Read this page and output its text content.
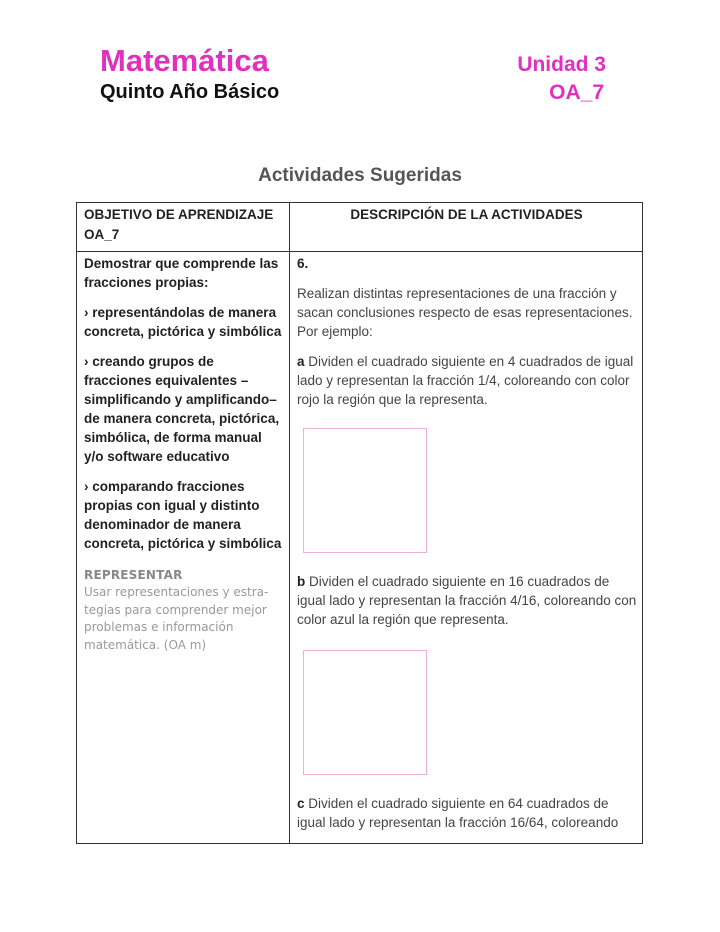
Matemática
Quinto Año Básico
Unidad 3
OA_7
Actividades Sugeridas
OBJETIVO DE APRENDIZAJE
OA_7
DESCRIPCIÓN DE LA ACTIVIDADES

Demostrar que comprende las fracciones propias:

› representándolas de manera concreta, pictórica y simbólica

› creando grupos de fracciones equivalentes – simplificando y amplificando– de manera concreta, pictórica, simbólica, de forma manual y/o software educativo

› comparando fracciones propias con igual y distinto denominador de manera concreta, pictórica y simbólica

REPRESENTAR
Usar representaciones y estra-tegias para comprender mejor problemas e información matemática. (OA m)

6.

Realizan distintas representaciones de una fracción y sacan conclusiones respecto de esas representaciones. Por ejemplo:

a Dividen el cuadrado siguiente en 4 cuadrados de igual lado y representan la fracción 1/4, coloreando con color rojo la región que la representa.

b Dividen el cuadrado siguiente en 16 cuadrados de igual lado y representan la fracción 4/16, coloreando con color azul la región que representa.

c Dividen el cuadrado siguiente en 64 cuadrados de igual lado y representan la fracción 16/64, coloreando
